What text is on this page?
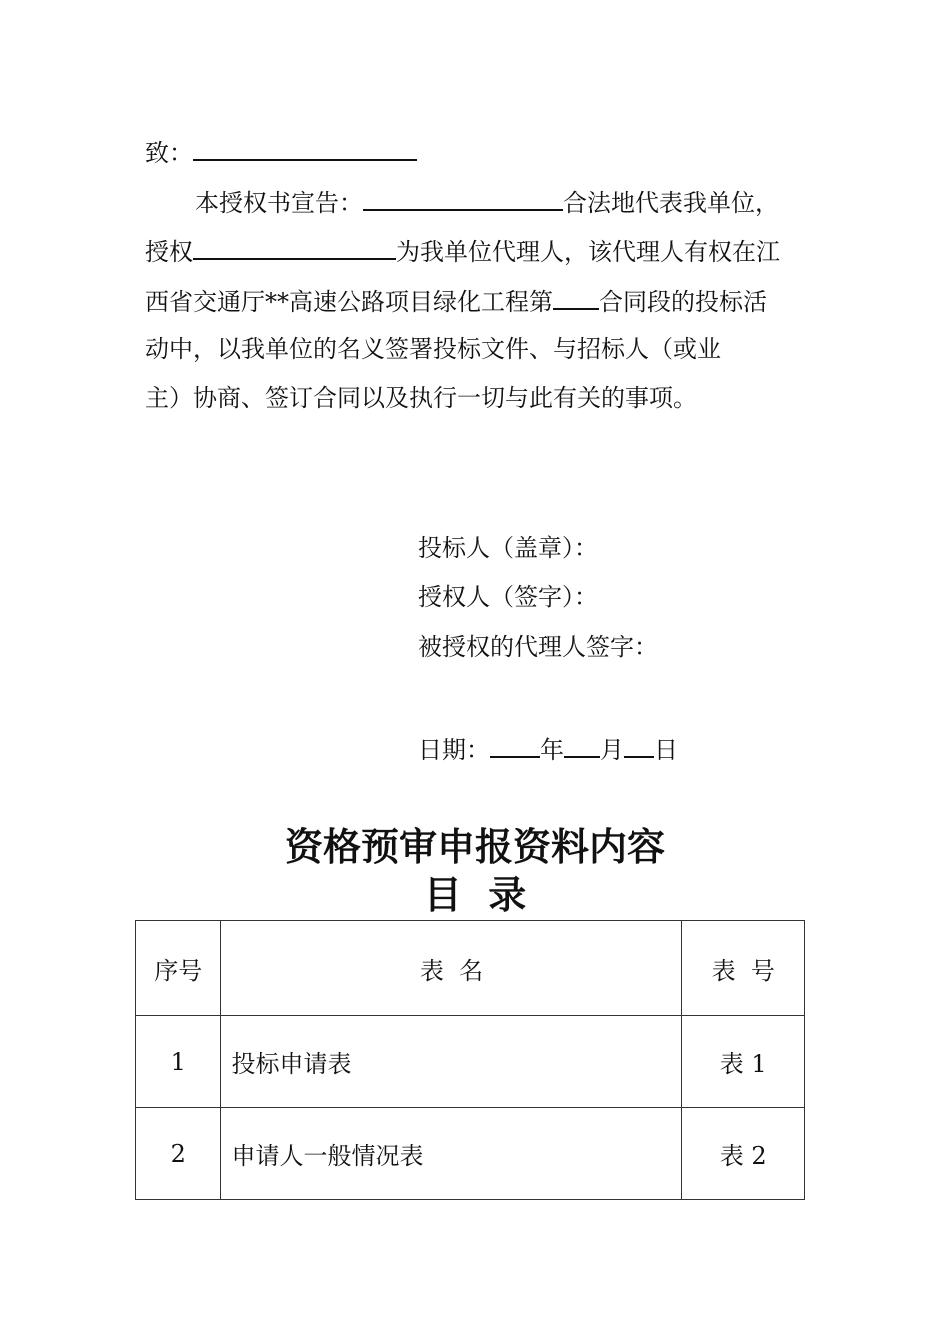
致：
本授权书宣告：	合法地代表我单位，
授权	为我单位代理人，该代理人有权在江
西省交通厅**高速公路项目绿化工程第 合同段的投标活
动中，以我单位的名义签署投标文件、与招标人（或业
主）协商、签订合同以及执行一切与此有关的事项。
投标人（盖章）：
授权人（签字）：
被授权的代理人签字：
日期： 年 月 日
资格预审申报资料内容
目  录
序号	表  名	表  号
1	投标申请表	表 1
2	申请人一般情况表	表 2
